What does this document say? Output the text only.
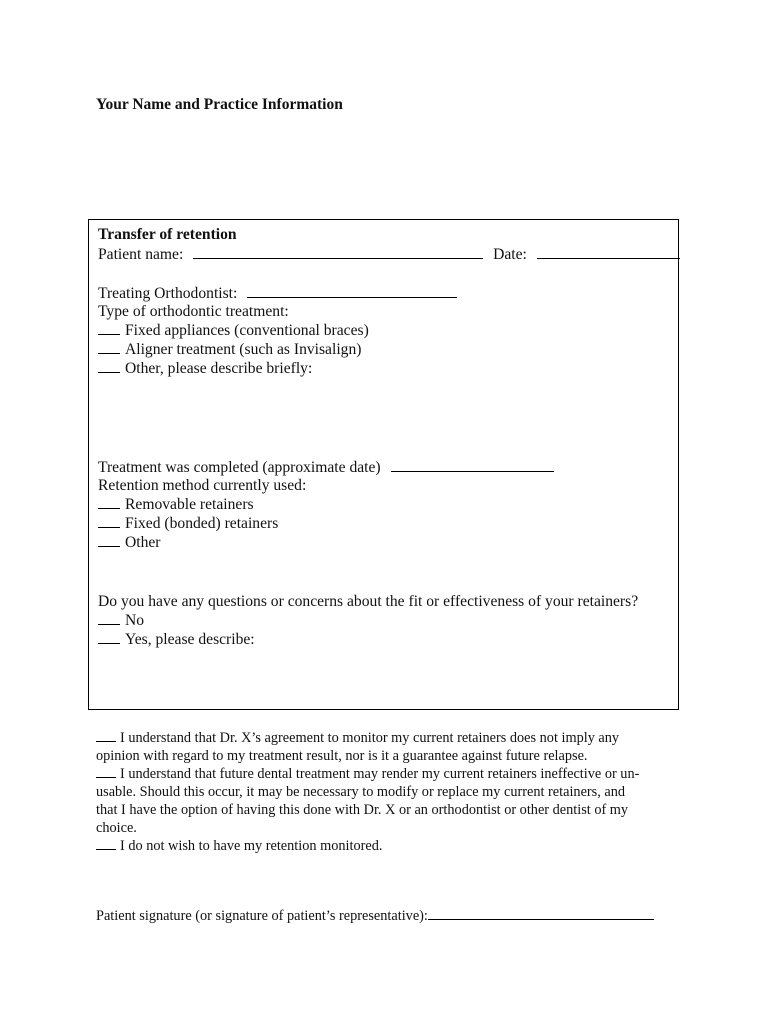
Your Name and Practice Information
Transfer of retention
Patient name:	Date:
Treating Orthodontist:
Type of orthodontic treatment:
Fixed appliances (conventional braces)
Aligner treatment (such as Invisalign)
Other, please describe briefly:
Treatment was completed (approximate date)
Retention method currently used:
Removable retainers
Fixed (bonded) retainers
Other
Do you have any questions or concerns about the fit or effectiveness of your retainers?
No
Yes, please describe:
I understand that Dr. X’s agreement to monitor my current retainers does not imply any
opinion with regard to my treatment result, nor is it a guarantee against future relapse.
I understand that future dental treatment may render my current retainers ineffective or un-
usable. Should this occur, it may be necessary to modify or replace my current retainers, and
that I have the option of having this done with Dr. X or an orthodontist or other dentist of my
choice.
I do not wish to have my retention monitored.
Patient signature (or signature of patient’s representative):
